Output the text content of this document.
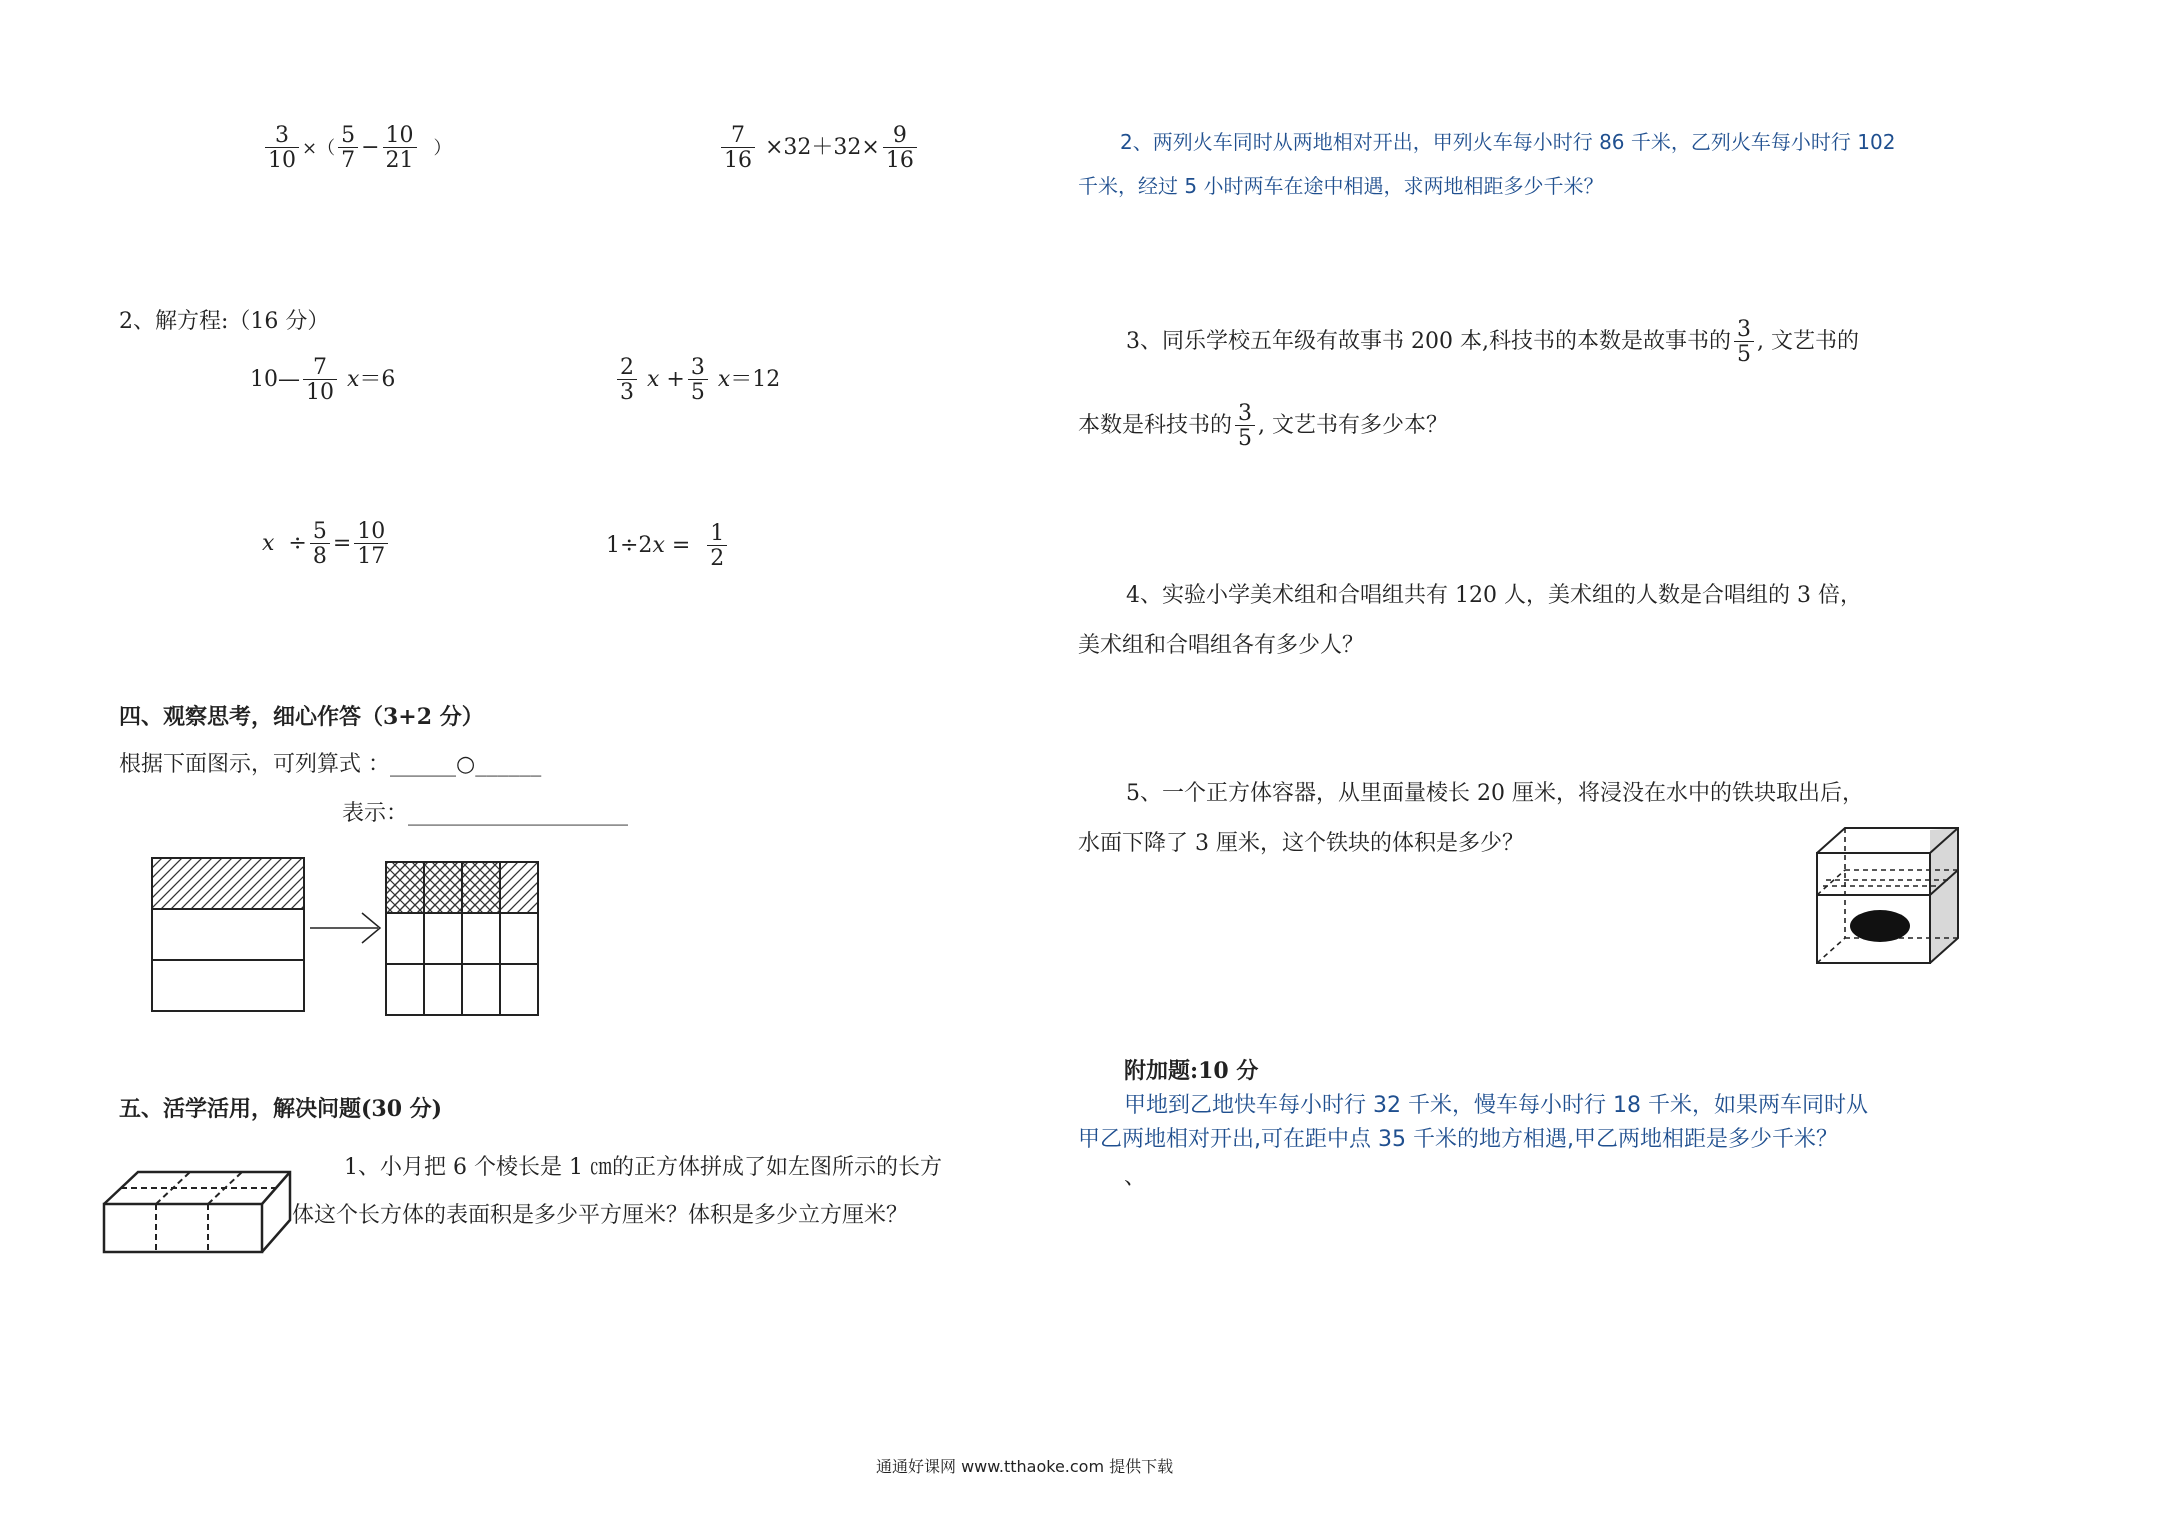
$\frac{3}{10}$ ×（ $\frac{5}{7} - \frac{10}{21}$ ）	$\frac{7}{16} \times 32+32\times \frac{9}{16}$
2、解方程:（16 分）
10— $\frac{7}{10} x=6$	$\frac{2}{3}$ $x + \frac{3}{5} x=12$
$x \div \frac{5}{8} = \frac{10}{17}$	$1\div 2x = \frac{1}{2}$
四、观察思考，细心作答（3+2 分）
根据下面图示，可列算式 ：______○______
表示：____________________
五、活学活用，解决问题(30 分)
1、小月把 6 个棱长是 1 ㎝的正方体拼成了如左图所示的长方
体这个长方体的表面积是多少平方厘米？体积是多少立方厘米？
2、两列火车同时从两地相对开出，甲列火车每小时行 86 千米，乙列火车每小时行 102
千米，经过 5 小时两车在途中相遇，求两地相距多少千米？
3、同乐学校五年级有故事书 200 本,科技书的本数是故事书的 $\frac{3}{5}$ , 文艺书的
本数是科技书的 $\frac{3}{5}$ , 文艺书有多少本？
4、实验小学美术组和合唱组共有 120 人，美术组的人数是合唱组的 3 倍，
美术组和合唱组各有多少人？
5、一个正方体容器，从里面量棱长 20 厘米，将浸没在水中的铁块取出后，
水面下降了 3 厘米，这个铁块的体积是多少？
附加题:10 分
甲地到乙地快车每小时行 32 千米，慢车每小时行 18 千米，如果两车同时从
甲乙两地相对开出,可在距中点 35 千米的地方相遇,甲乙两地相距是多少千米？
、
通通好课网 www.tthaoke.com 提供下载
